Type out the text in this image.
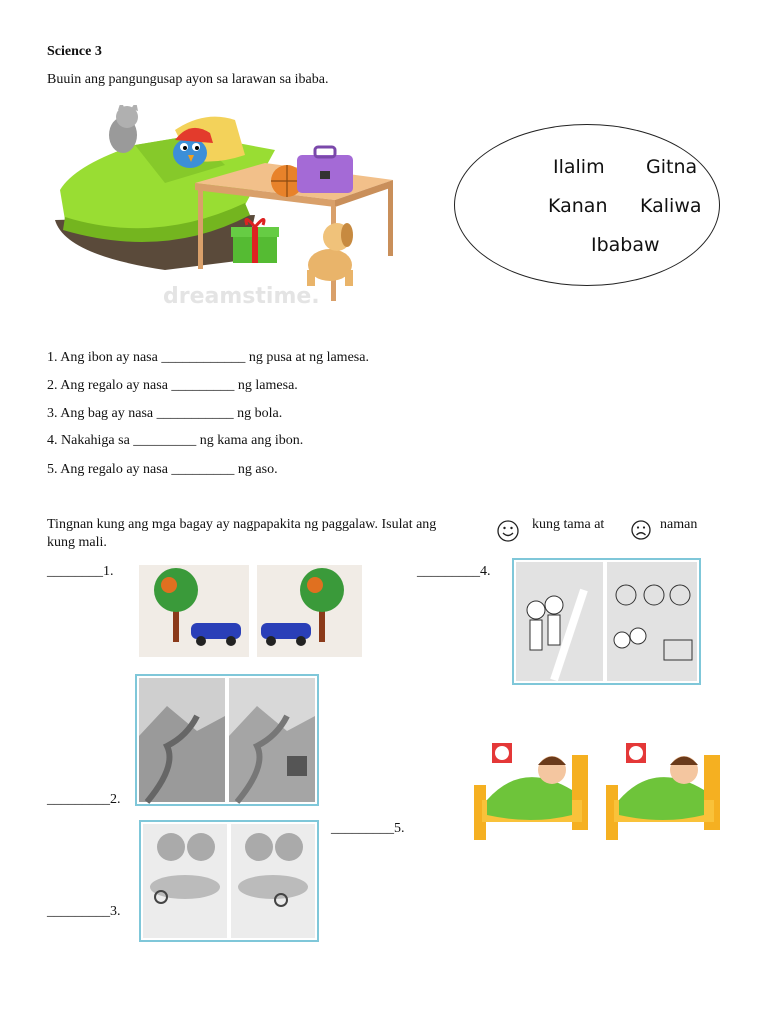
Science 3
Buuin ang pangungusap ayon sa larawan sa ibaba.
dreamstime.
Ilalim Gitna
Kanan Kaliwa
Ibabaw
1. Ang ibon ay nasa ____________ ng pusa at ng lamesa.
2. Ang regalo ay nasa _________ ng lamesa.
3. Ang bag ay nasa ___________ ng bola.
4. Nakahiga sa _________ ng kama ang ibon.
5. Ang regalo ay nasa _________ ng aso.
Tingnan kung ang mga bagay ay nagpapakita ng paggalaw. Isulat ang	kung tama at	naman
kung mali.
________1.
_________2.
_________3.
_________4.
_________5.
